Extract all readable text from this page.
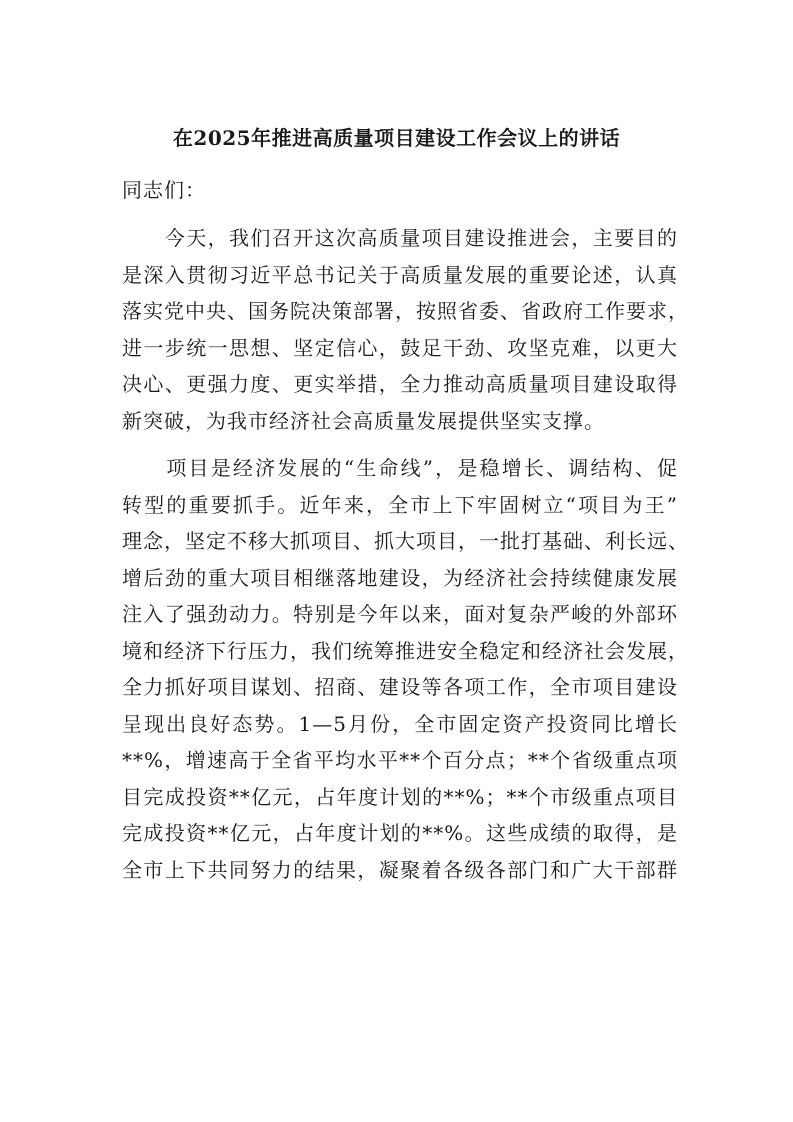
在2025年推进高质量项目建设工作会议上的讲话
同志们：
　　今天，我们召开这次高质量项目建设推进会，主要目的
是深入贯彻习近平总书记关于高质量发展的重要论述，认真
落实党中央、国务院决策部署，按照省委、省政府工作要求，
进一步统一思想、坚定信心，鼓足干劲、攻坚克难，以更大
决心、更强力度、更实举措，全力推动高质量项目建设取得
新突破，为我市经济社会高质量发展提供坚实支撑。
　　项目是经济发展的“生命线”，是稳增长、调结构、促
转型的重要抓手。近年来，全市上下牢固树立“项目为王”
理念，坚定不移大抓项目、抓大项目，一批打基础、利长远、
增后劲的重大项目相继落地建设，为经济社会持续健康发展
注入了强劲动力。特别是今年以来，面对复杂严峻的外部环
境和经济下行压力，我们统筹推进安全稳定和经济社会发展，
全力抓好项目谋划、招商、建设等各项工作，全市项目建设
呈现出良好态势。1—5月份，全市固定资产投资同比增长
**%，增速高于全省平均水平**个百分点；**个省级重点项
目完成投资**亿元，占年度计划的**%；**个市级重点项目
完成投资**亿元，占年度计划的**%。这些成绩的取得，是
全市上下共同努力的结果，凝聚着各级各部门和广大干部群
